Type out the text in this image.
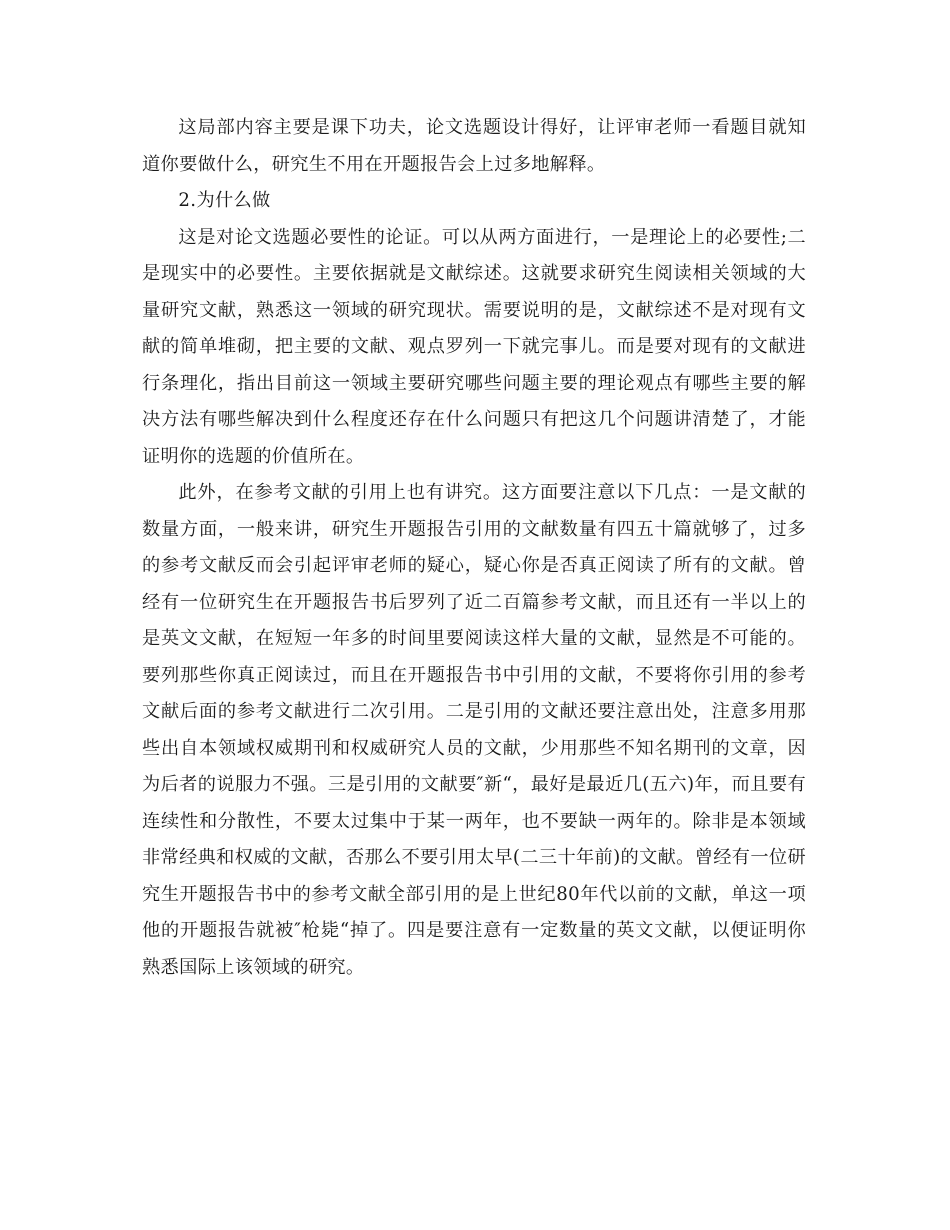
这局部内容主要是课下功夫，论文选题设计得好，让评审老师一看题目就知道你要做什么，研究生不用在开题报告会上过多地解释。

2.为什么做

这是对论文选题必要性的论证。可以从两方面进行，一是理论上的必要性;二是现实中的必要性。主要依据就是文献综述。这就要求研究生阅读相关领域的大量研究文献，熟悉这一领域的研究现状。需要说明的是，文献综述不是对现有文献的简单堆砌，把主要的文献、观点罗列一下就完事儿。而是要对现有的文献进行条理化，指出目前这一领域主要研究哪些问题主要的理论观点有哪些主要的解决方法有哪些解决到什么程度还存在什么问题只有把这几个问题讲清楚了，才能证明你的选题的价值所在。

此外，在参考文献的引用上也有讲究。这方面要注意以下几点：一是文献的数量方面，一般来讲，研究生开题报告引用的文献数量有四五十篇就够了，过多的参考文献反而会引起评审老师的疑心，疑心你是否真正阅读了所有的文献。曾经有一位研究生在开题报告书后罗列了近二百篇参考文献，而且还有一半以上的是英文文献，在短短一年多的时间里要阅读这样大量的文献，显然是不可能的。要列那些你真正阅读过，而且在开题报告书中引用的文献，不要将你引用的参考文献后面的参考文献进行二次引用。二是引用的文献还要注意出处，注意多用那些出自本领域权威期刊和权威研究人员的文献，少用那些不知名期刊的文章，因为后者的说服力不强。三是引用的文献要″新“，最好是最近几(五六)年，而且要有连续性和分散性，不要太过集中于某一两年，也不要缺一两年的。除非是本领域非常经典和权威的文献，否那么不要引用太早(二三十年前)的文献。曾经有一位研究生开题报告书中的参考文献全部引用的是上世纪80年代以前的文献，单这一项他的开题报告就被″枪毙“掉了。四是要注意有一定数量的英文文献，以便证明你熟悉国际上该领域的研究。
